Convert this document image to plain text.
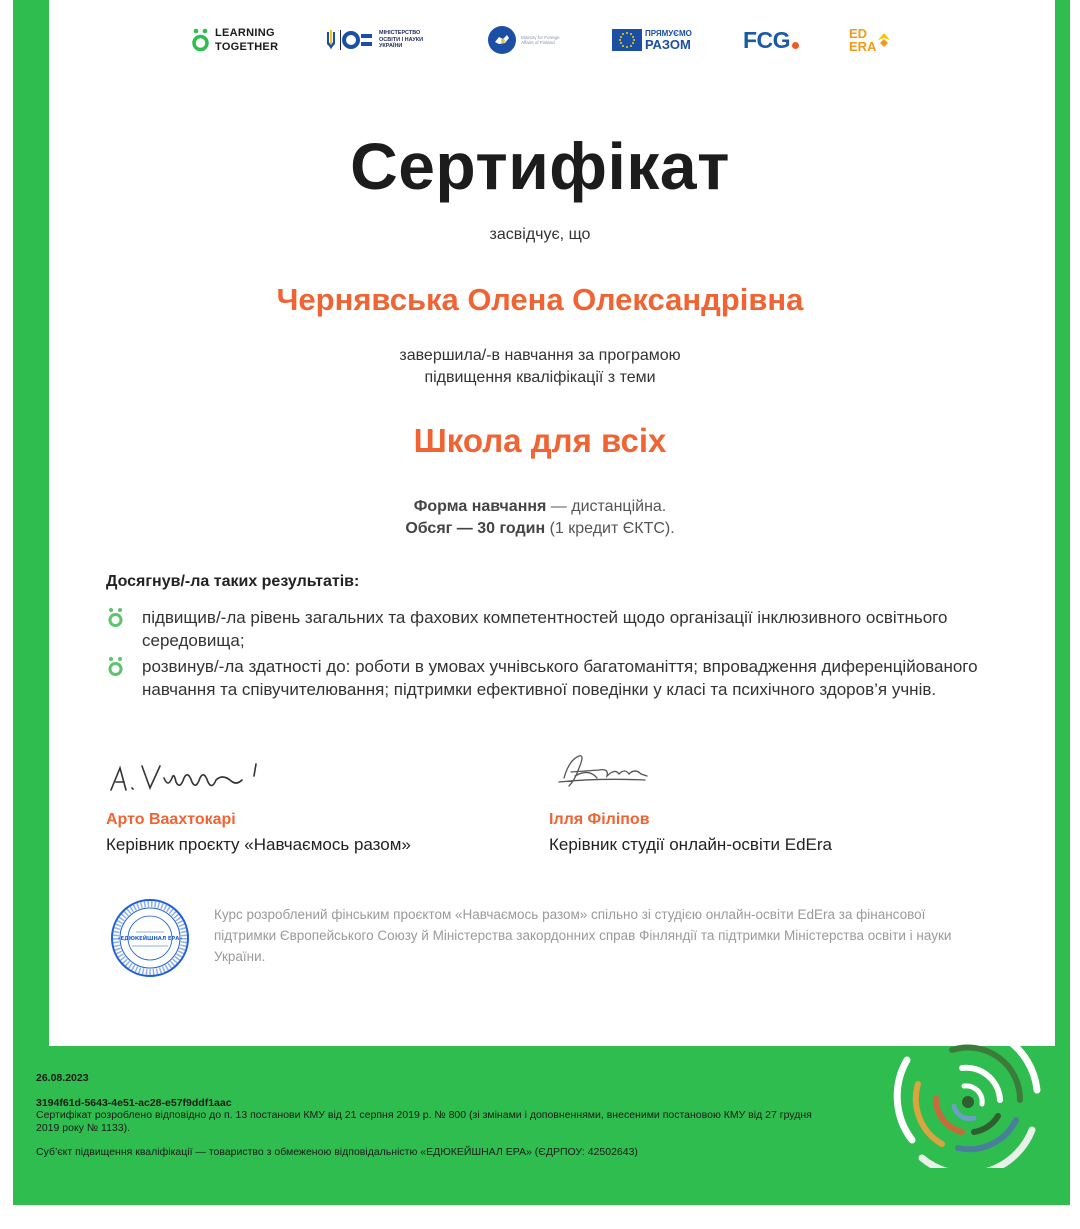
LEARNING
TOGETHER
МІНІСТЕРСТВО
ОСВІТИ І НАУКИ
УКРАЇНИ
Ministry for Foreign
Affairs of Finland
ПРЯМУЄМО
РАЗОМ FCG	ED
ERA
Сертифікат
засвідчує, що
Чернявська Олена Олександрівна
завершила/-в навчання за програмою
підвищення кваліфікації з теми
Школа для всіх
Форма навчання — дистанційна.
Обсяг — 30 годин (1 кредит ЄКТС).
Досягнув/-ла таких результатів:
підвищив/-ла рівень загальних та фахових компетентностей щодо організації інклюзивного освітнього середовища;
розвинув/-ла здатності до: роботи в умовах учнівського багатоманіття; впровадження диференційованого навчання та співучителювання; підтримки ефективної поведінки у класі та психічного здоров’я учнів.
Арто Ваахтокарі
Керівник проєкту «Навчаємось разом»
Ілля Філіпов
Керівник студії онлайн-освіти EdEra
«ЕДЮКЕЙШНАЛ ЕРА»
Курс розроблений фінським проєктом «Навчаємось разом» спільно зі студією онлайн-освіти EdEra за фінансової підтримки Європейського Союзу й Міністерства закордонних справ Фінляндії та підтримки Міністерства освіти і науки України.
26.08.2023
3194f61d-5643-4e51-ac28-e57f9ddf1aac
Сертифікат розроблено відповідно до п. 13 постанови КМУ від 21 серпня 2019 р. № 800 (зі змінами і доповненнями, внесеними постановою КМУ від 27 грудня 2019 року № 1133).
Суб’єкт підвищення кваліфікації — товариство з обмеженою відповідальністю «ЕДЮКЕЙШНАЛ ЕРА» (ЄДРПОУ: 42502643)
